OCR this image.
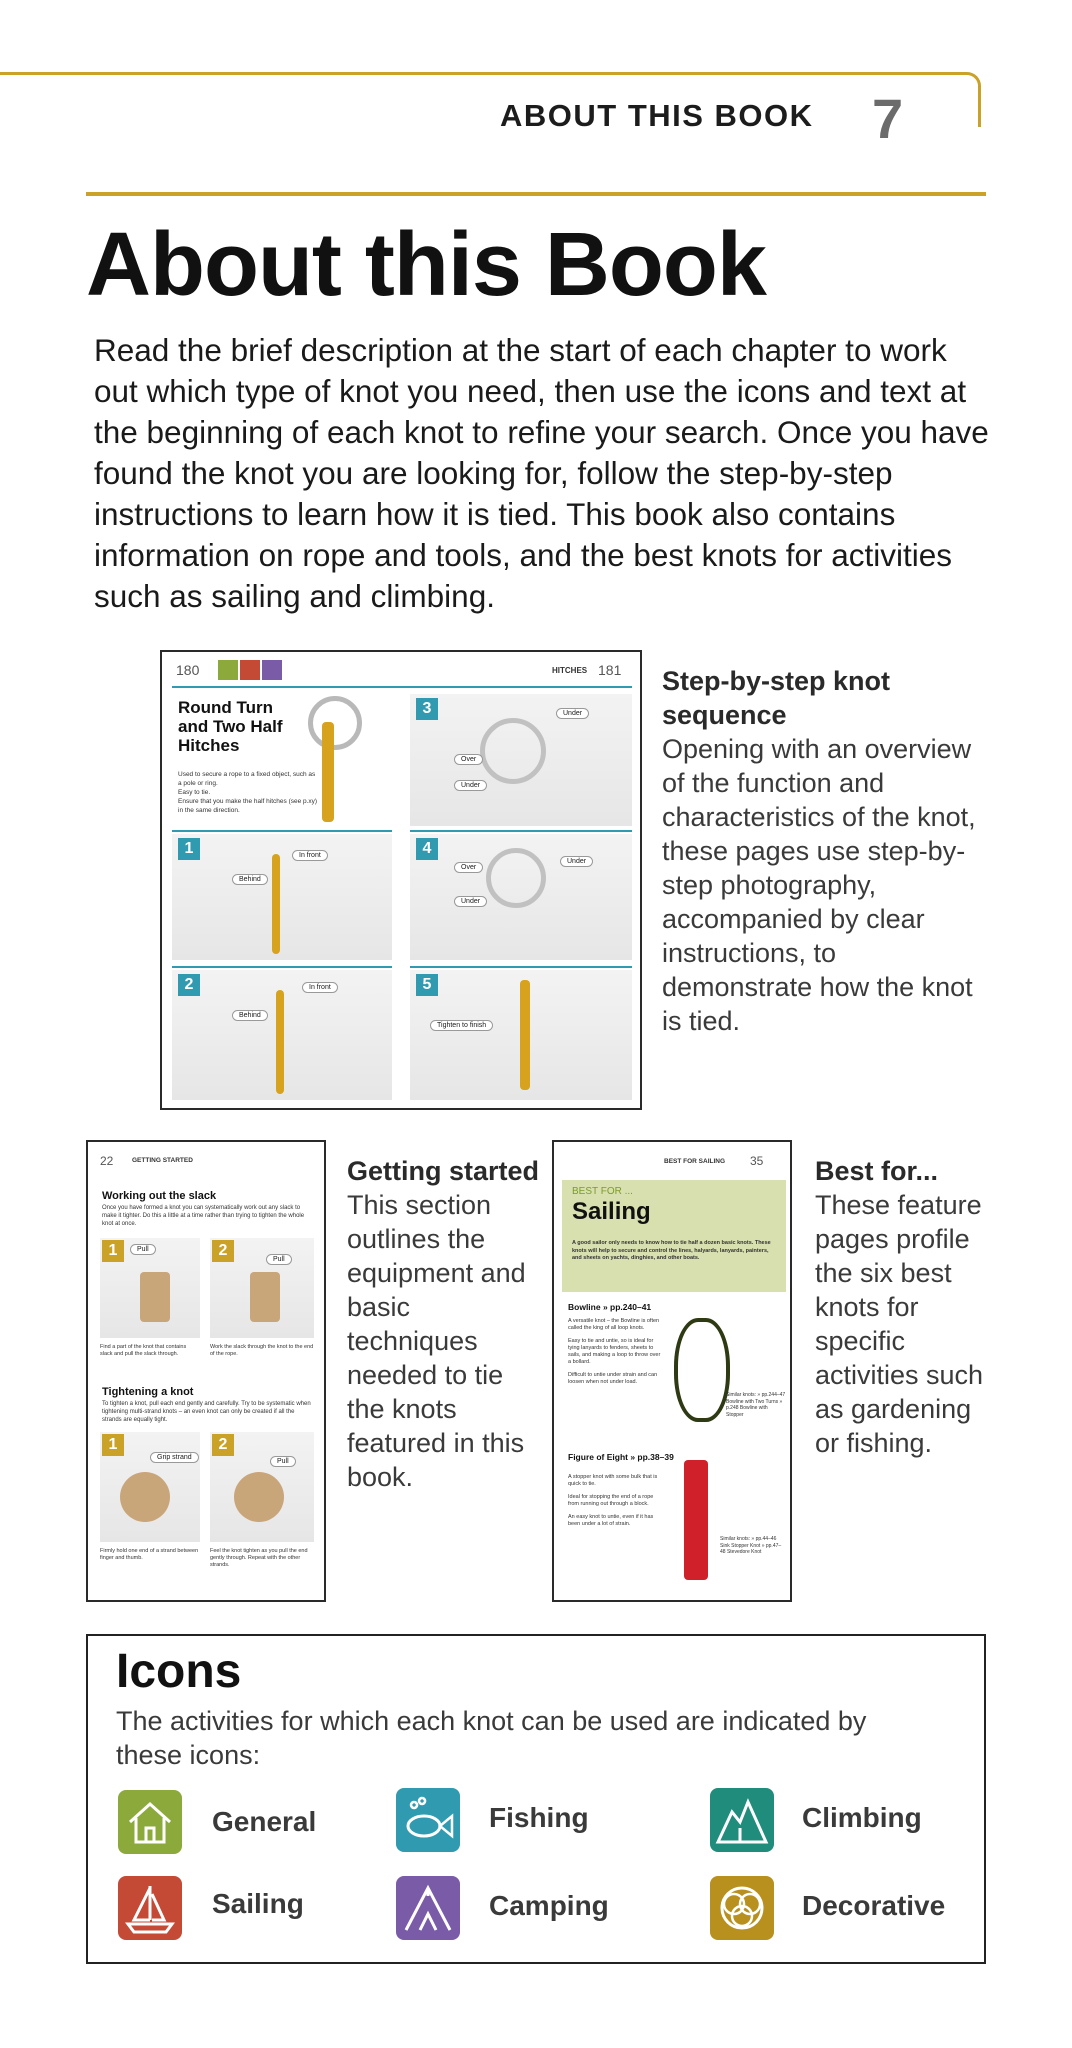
ABOUT THIS BOOK 7
About this Book

Read the brief description at the start of each chapter to work out which type of knot you need, then use the icons and text at the beginning of each knot to refine your search. Once you have found the knot you are looking for, follow the step-by-step instructions to learn how it is tied. This book also contains information on rope and tools, and the best knots for activities such as sailing and climbing.

180	HITCHES 181
Round Turn and Two Half Hitches
Used to secure a rope to a fixed object, such as a pole or ring.
Easy to tie.
Ensure that you make the half hitches (see p.xy) in the same direction.
1	In front
Behind
2	In front
Behind
3	Under
Over
Under
4
Under
Over
Under
5
Tighten to finish
Step-by-step knot sequence
Opening with an overview of the function and characteristics of the knot, these pages use step-by-step photography, accompanied by clear instructions, to demonstrate how the knot is tied.
22	GETTING STARTED
Working out the slack
Once you have formed a knot you can systematically work out any slack to make it tighter. Do this a little at a time rather than trying to tighten the whole knot at once.
1	Pull	2
Pull
Find a part of the knot that contains slack and pull the slack through.
Work the slack through the knot to the end of the rope.
Tightening a knot
To tighten a knot, pull each end gently and carefully. Try to be systematic when tightening multi-strand knots – an even knot can only be created if all the strands are equally tight.
1
Grip strand
2
Pull
Firmly hold one end of a strand between finger and thumb.
Feel the knot tighten as you pull the end gently through. Repeat with the other strands.
Getting started
This section outlines the equipment and basic techniques needed to tie the knots featured in this book.
BEST FOR SAILING 35
BEST FOR ...
Sailing
A good sailor only needs to know how to tie half a dozen basic knots. These knots will help to secure and control the lines, halyards, lanyards, painters, and sheets on yachts, dinghies, and other boats.
Bowline » pp.240–41
A versatile knot – the Bowline is often called the king of all loop knots.
Easy to tie and untie, so is ideal for tying lanyards to fenders, sheets to sails, and making a loop to throw over a bollard.
Difficult to untie under strain and can loosen when not under load.
Similar knots: » pp.244–47 Bowline with Two Turns » p.248 Bowline with Stopper
Figure of Eight » pp.38–39
A stopper knot with some bulk that is quick to tie.
Ideal for stopping the end of a rope from running out through a block.
An easy knot to untie, even if it has been under a lot of strain.
Similar knots: » pp.44–46 Sink Stopper Knot » pp.47–48 Stevedore Knot
Best for...
These feature pages profile the six best knots for specific activities such as gardening or fishing.
Icons
The activities for which each knot can be used are indicated by these icons:
General	Fishing	Climbing
Sailing	Camping	Decorative
